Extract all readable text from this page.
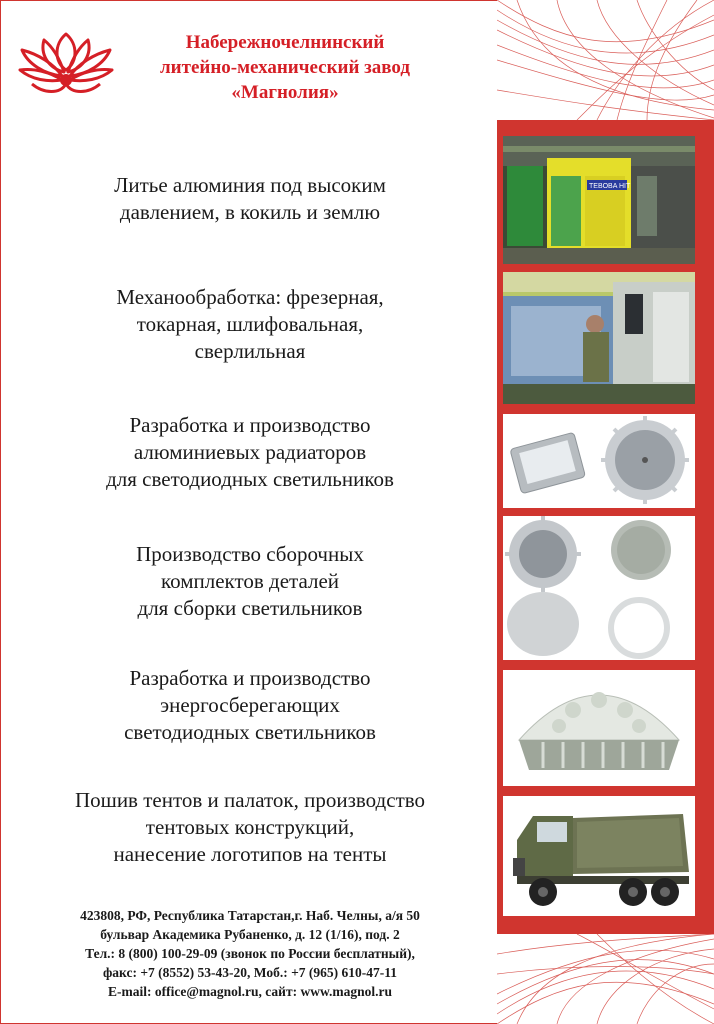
Набережночелнинский
литейно-механический завод
«Магнолия»
Литье алюминия под высоким
давлением, в кокиль и землю
Механообработка: фрезерная,
токарная, шлифовальная,
сверлильная
Разработка и производство
алюминиевых радиаторов
для светодиодных светильников
Производство сборочных
комплектов деталей
для сборки светильников
Разработка и производство
энергосберегающих
светодиодных светильников
Пошив тентов и палаток, производство
тентовых конструкций,
нанесение логотипов на тенты
423808, РФ, Республика Татарстан,г. Наб. Челны, а/я 50
бульвар Академика Рубаненко, д. 12 (1/16), под. 2
Тел.: 8 (800) 100-29-09 (звонок по России бесплатный),
факс: +7 (8552) 53-43-20, Моб.: +7 (965) 610-47-11
E-mail: office@magnol.ru, сайт: www.magnol.ru
TEBOBA HIT
